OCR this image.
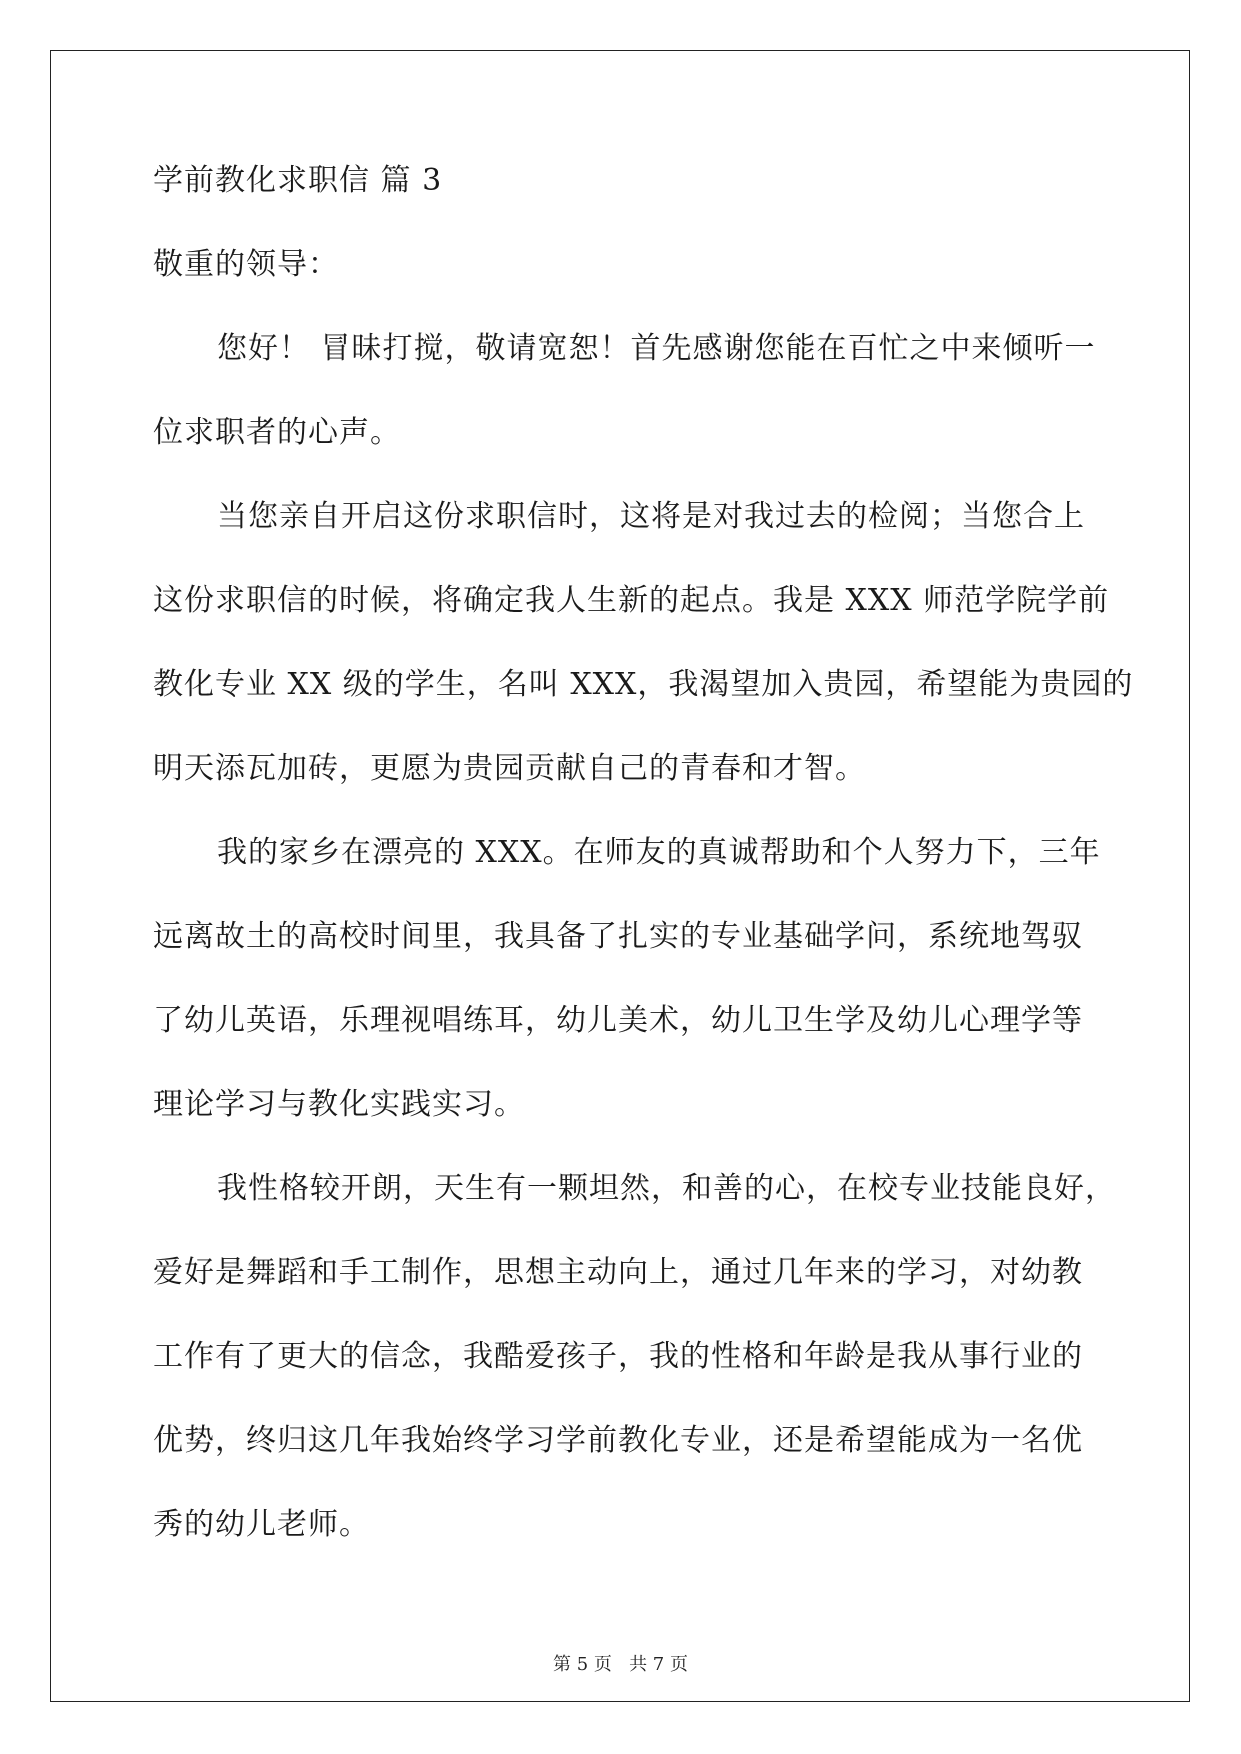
学前教化求职信 篇 3

敬重的领导：

您好！ 冒昧打搅，敬请宽恕！首先感谢您能在百忙之中来倾听一

位求职者的心声。

当您亲自开启这份求职信时，这将是对我过去的检阅；当您合上

这份求职信的时候，将确定我人生新的起点。我是 XXX 师范学院学前

教化专业 XX 级的学生，名叫 XXX，我渴望加入贵园，希望能为贵园的

明天添瓦加砖，更愿为贵园贡献自己的青春和才智。

我的家乡在漂亮的 XXX。在师友的真诚帮助和个人努力下，三年

远离故土的高校时间里，我具备了扎实的专业基础学问，系统地驾驭

了幼儿英语，乐理视唱练耳，幼儿美术，幼儿卫生学及幼儿心理学等

理论学习与教化实践实习。

我性格较开朗，天生有一颗坦然，和善的心，在校专业技能良好，

爱好是舞蹈和手工制作，思想主动向上，通过几年来的学习，对幼教

工作有了更大的信念，我酷爱孩子，我的性格和年龄是我从事行业的

优势，终归这几年我始终学习学前教化专业，还是希望能成为一名优

秀的幼儿老师。

第 5 页 共 7 页
